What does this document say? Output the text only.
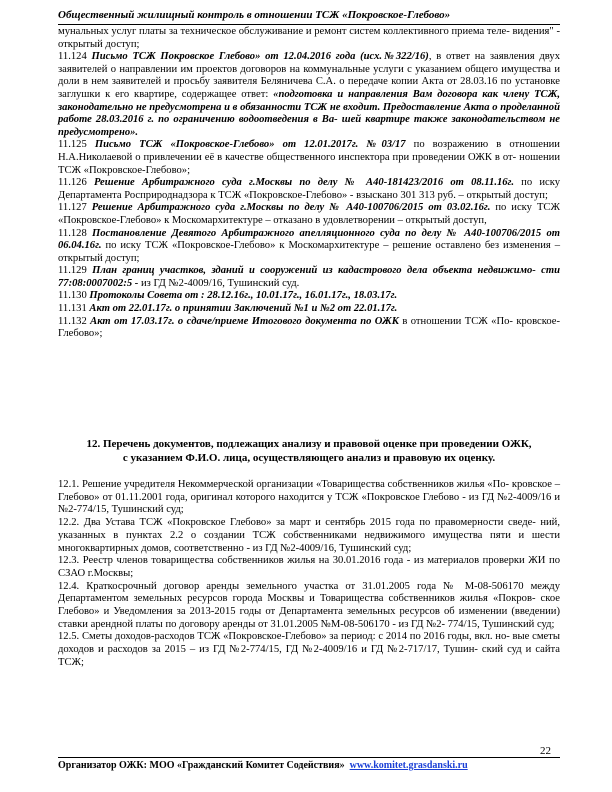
Общественный жилищный контроль в отношении ТСЖ «Покровское-Глебово»

мунальных услуг платы за техническое обслуживание и ремонт систем коллективного приема теле- видения" - открытый доступ;

11.124 Письмо ТСЖ Покровское Глебово» от 12.04.2016 года (исх.№322/16), в ответ на заявления двух заявителей о направлении им проектов договоров на коммунальные услуги с указанием общего имущества и доли в нем заявителей и просьбу заявителя Беляничева С.А. о передаче копии Акта от 28.03.16 по установке заглушки к его квартире, содержащее ответ: «подготовка и направления Вам договора как члену ТСЖ, законодательно не предусмотрена и в обязанности ТСЖ не входит. Предоставление Акта о проделанной работе 28.03.2016 г. по ограничению водоотведения в Ва- шей квартире также законодательством не предусмотрено».

11.125 Письмо ТСЖ «Покровское-Глебово» от 12.01.2017г. №03/17 по возражению в отношении Н.А.Николаевой о привлечении её в качестве общественного инспектора при проведении ОЖК в от- ношении ТСЖ «Покровское-Глебово»;

11.126 Решение Арбитражного суда г.Москвы по делу № А40-181423/2016 от 08.11.16г. по иску Департамента Росприроднадзора к ТСЖ «Покровское-Глебово» - взыскано 301 313 руб. – открытый доступ;

11.127 Решение Арбитражного суда г.Москвы по делу № А40-100706/2015 от 03.02.16г. по иску ТСЖ «Покровское-Глебово» к Москомархитектуре – отказано в удовлетворении – открытый доступ,

11.128 Постановление Девятого Арбитражного апелляционного суда по делу № А40-100706/2015 от 06.04.16г. по иску ТСЖ «Покровское-Глебово» к Москомархитектуре – решение оставлено без изменения – открытый доступ;

11.129 План границ участков, зданий и сооружений из кадастрового дела объекта недвижимо- сти 77:08:0007002:5 - из ГД №2-4009/16, Тушинский суд.

11.130 Протоколы Совета от : 28.12.16г., 10.01.17г., 16.01.17г., 18.03.17г.

11.131 Акт от 22.01.17г. о принятии Заключений №1 и №2 от 22.01.17г.

11.132 Акт от 17.03.17г. о сдаче/приеме Итогового документа по ОЖК в отношении ТСЖ «По- кровское-Глебово»;

12. Перечень документов, подлежащих анализу и правовой оценке при проведении ОЖК,

с указанием Ф.И.О. лица, осуществляющего анализ и правовую их оценку.

12.1. Решение учредителя Некоммерческой организации «Товарищества собственников жилья «По- кровское – Глебово» от 01.11.2001 года, оригинал которого находится у ТСЖ «Покровское Глебово - из ГД №2-4009/16 и №2-774/15, Тушинский суд;

12.2. Два Устава ТСЖ «Покровское Глебово» за март и сентябрь 2015 года по правомерности сведе- ний, указанных в пунктах 2.2 о создании ТСЖ собственниками недвижимого имущества пяти и шести многоквартирных домов, соответственно - из ГД №2-4009/16, Тушинский суд;

12.3. Реестр членов товарищества собственников жилья на 30.01.2016 года - из материалов проверки ЖИ по СЗАО г.Москвы;

12.4. Краткосрочный договор аренды земельного участка от 31.01.2005 года № М-08-506170 между Департаментом земельных ресурсов города Москвы и Товарищества собственников жилья «Покров- ское Глебово» и Уведомления за 2013-2015 годы от Департамента земельных ресурсов об изменении (введении) ставки арендной платы по договору аренды от 31.01.2005 №М-08-506170 - из ГД №2- 774/15, Тушинский суд;

12.5. Сметы доходов-расходов ТСЖ «Покровское-Глебово» за период: с 2014 по 2016 годы, вкл. но- вые сметы доходов и расходов за 2015 – из ГД №2-774/15, ГД №2-4009/16 и ГД №2-717/17, Тушин- ский суд и сайта ТСЖ;

22
Организатор ОЖК: МОО «Гражданский Комитет Содействия» www.komitet.grasdanski.ru
